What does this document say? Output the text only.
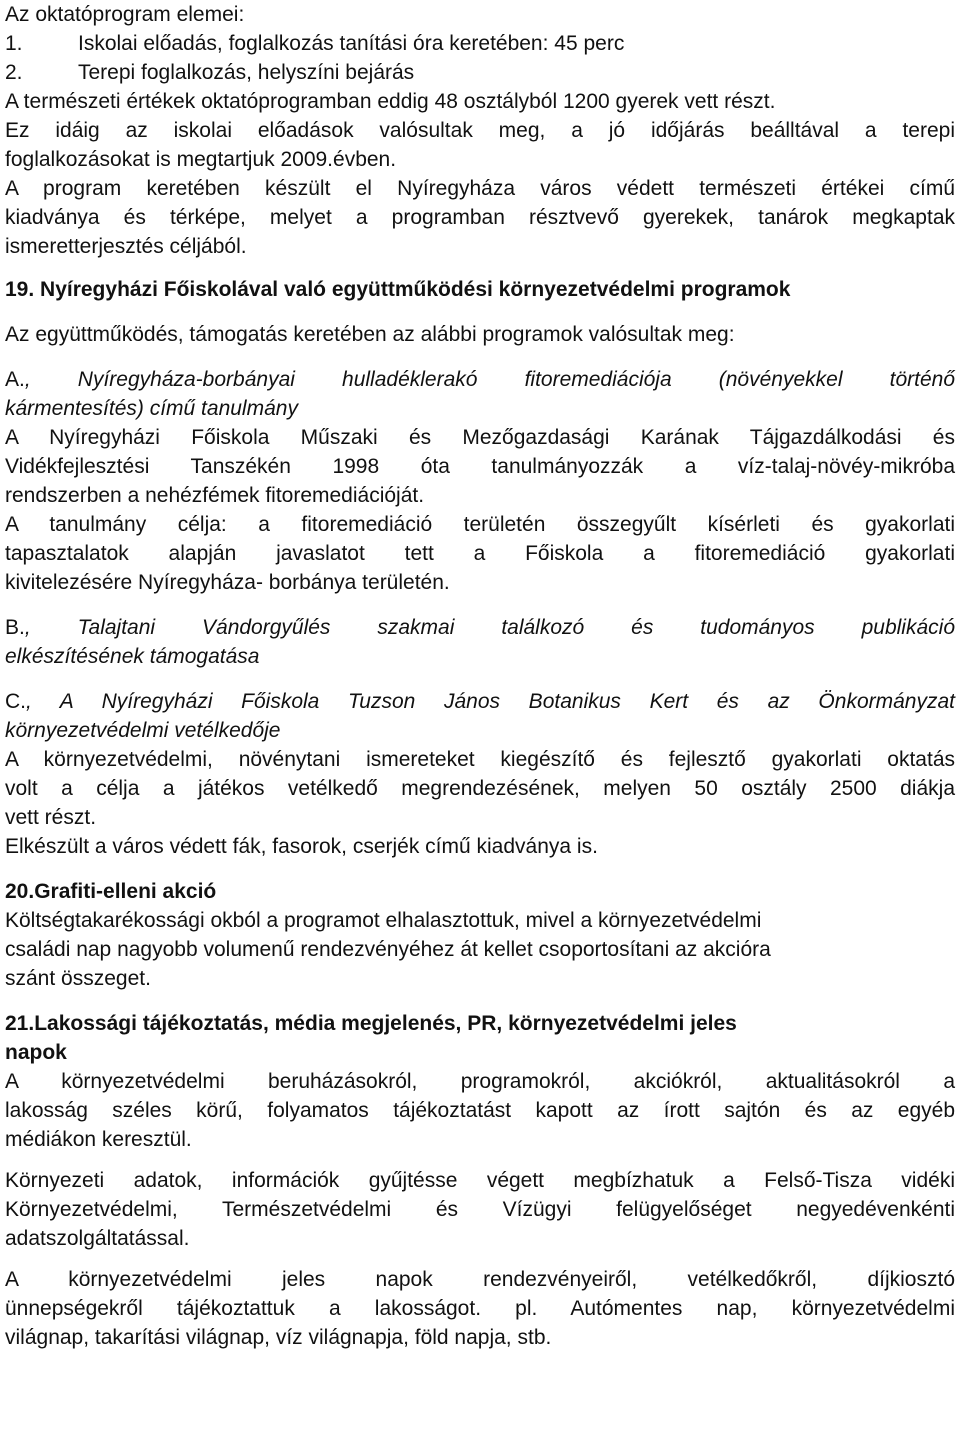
Az oktatóprogram elemei:
1.	Iskolai előadás, foglalkozás tanítási óra keretében: 45 perc
2.	Terepi foglalkozás, helyszíni bejárás
A természeti értékek oktatóprogramban eddig 48 osztályból 1200 gyerek vett részt.
Ez idáig az iskolai előadások valósultak meg, a jó időjárás beálltával a terepi
foglalkozásokat is megtartjuk 2009.évben.
A program keretében készült el Nyíregyháza város védett természeti értékei című
kiadványa és térképe, melyet a programban résztvevő gyerekek, tanárok megkaptak
ismeretterjesztés céljából.
19. Nyíregyházi Főiskolával való együttműködési környezetvédelmi programok
Az együttműködés, támogatás keretében az alábbi programok valósultak meg:
A., Nyíregyháza-borbányai hulladéklerakó fitoremediációja (növényekkel történő
kármentesítés) című tanulmány
A Nyíregyházi Főiskola Műszaki és Mezőgazdasági Karának Tájgazdálkodási és
Vidékfejlesztési Tanszékén 1998 óta tanulmányozzák a víz-talaj-növéy-mikróba
rendszerben a nehézfémek fitoremediációját.
A tanulmány célja: a fitoremediáció területén összegyűlt kísérleti és gyakorlati
tapasztalatok alapján javaslatot tett a Főiskola a fitoremediáció gyakorlati
kivitelezésére Nyíregyháza- borbánya területén.
B., Talajtani Vándorgyűlés szakmai találkozó és tudományos publikáció
elkészítésének támogatása
C., A Nyíregyházi Főiskola Tuzson János Botanikus Kert és az Önkormányzat
környezetvédelmi vetélkedője
A környezetvédelmi, növénytani ismereteket kiegészítő és fejlesztő gyakorlati oktatás
volt a célja a játékos vetélkedő megrendezésének, melyen 50 osztály 2500 diákja
vett részt.
Elkészült a város védett fák, fasorok, cserjék című kiadványa is.
20.Grafiti-elleni akció
Költségtakarékossági okból a programot elhalasztottuk, mivel a környezetvédelmi
családi nap nagyobb volumenű rendezvényéhez át kellet csoportosítani az akcióra
szánt összeget.
21.Lakossági tájékoztatás, média megjelenés, PR, környezetvédelmi jeles
napok
A környezetvédelmi beruházásokról, programokról, akciókról, aktualitásokról a
lakosság széles körű, folyamatos tájékoztatást kapott az írott sajtón és az egyéb
médiákon keresztül.
Környezeti adatok, információk gyűjtésse végett megbízhatuk a Felső-Tisza vidéki
Környezetvédelmi, Természetvédelmi és Vízügyi felügyelőséget negyedévenkénti
adatszolgáltatással.
A környezetvédelmi jeles napok rendezvényeiről, vetélkedőkről, díjkiosztó
ünnepségekről tájékoztattuk a lakosságot. pl. Autómentes nap, környezetvédelmi
világnap, takarítási világnap, víz világnapja, föld napja, stb.
